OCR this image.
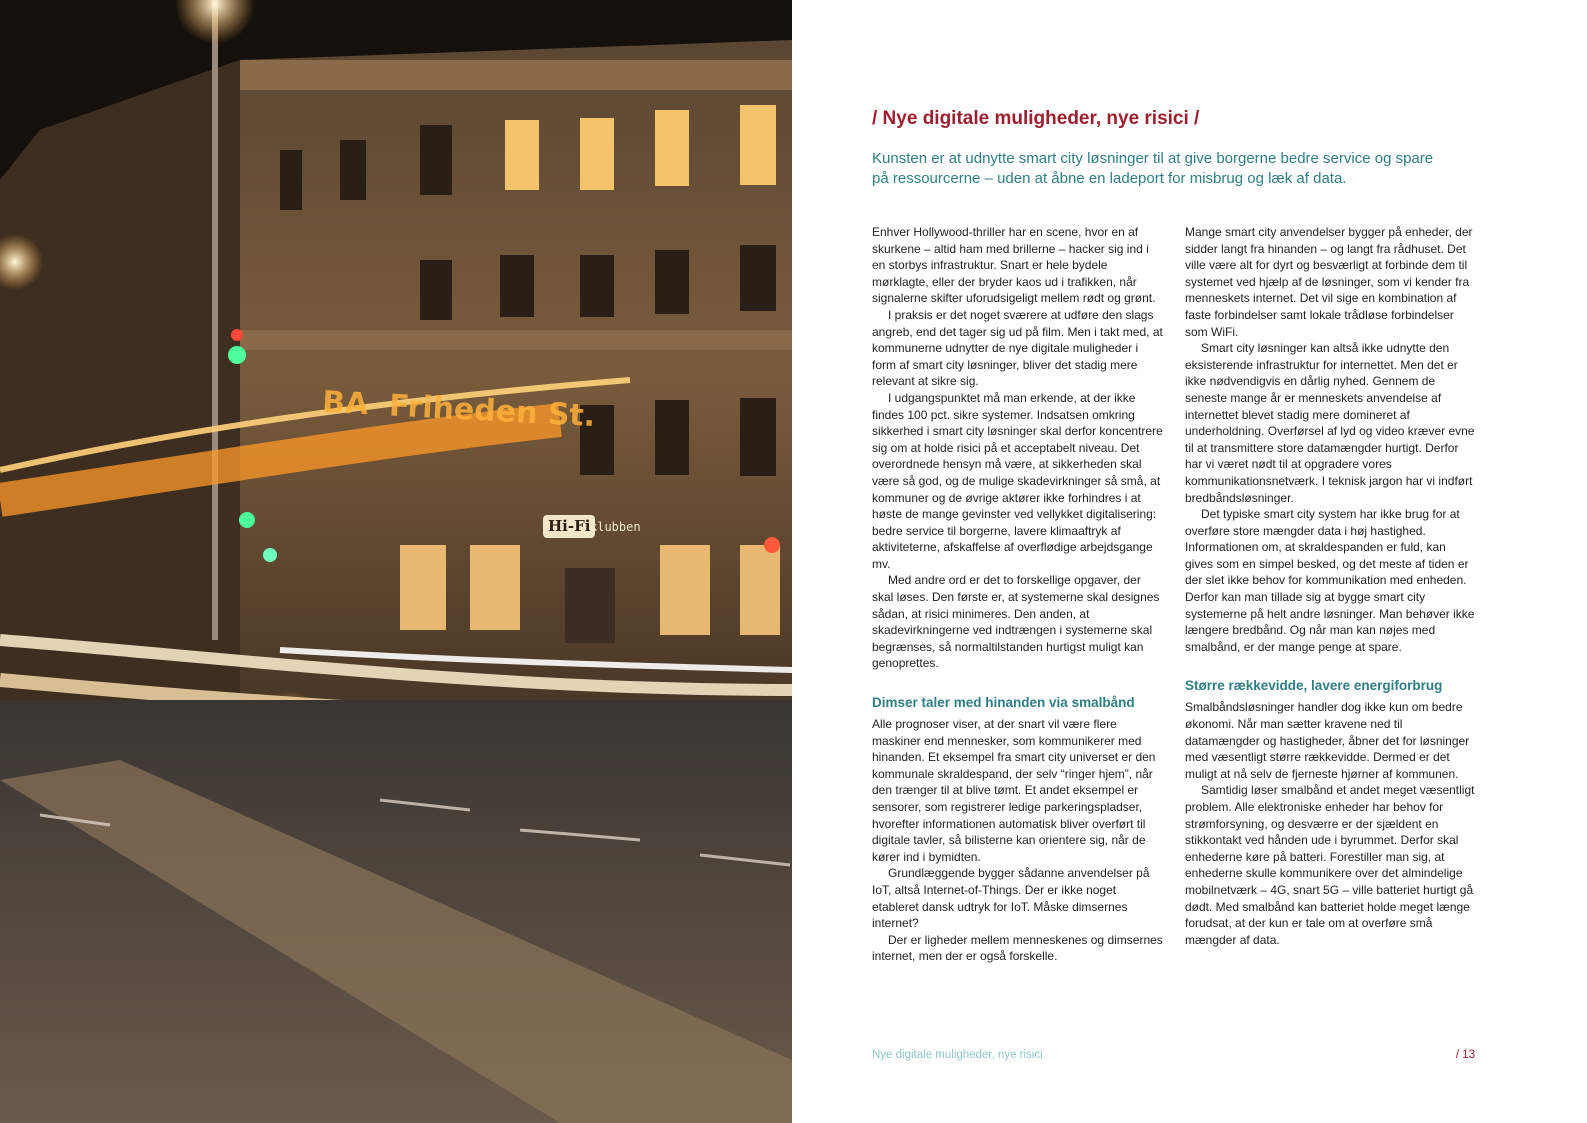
BA  Friheden St.
Hi-Fi klubben
/ Nye digitale muligheder, nye risici /
Kunsten er at udnytte smart city løsninger til at give borgerne bedre service og spare på ressourcerne – uden at åbne en ladeport for misbrug og læk af data.

Enhver Hollywood-thriller har en scene, hvor en af skurkene – altid ham med brillerne – hacker sig ind i en storbys infrastruktur. Snart er hele bydele mørklagte, eller der bryder kaos ud i trafikken, når signalerne skifter uforudsigeligt mellem rødt og grønt.

I praksis er det noget sværere at udføre den slags angreb, end det tager sig ud på film. Men i takt med, at kommunerne udnytter de nye digitale muligheder i form af smart city løsninger, bliver det stadig mere relevant at sikre sig.

I udgangspunktet må man erkende, at der ikke findes 100 pct. sikre systemer. Indsatsen omkring sikkerhed i smart city løsninger skal derfor koncentrere sig om at holde risici på et acceptabelt niveau. Det overordnede hensyn må være, at sikkerheden skal være så god, og de mulige skadevirkninger så små, at kommuner og de øvrige aktører ikke forhindres i at høste de mange gevinster ved vellykket digitalisering: bedre service til borgerne, lavere klimaaftryk af aktiviteterne, afskaffelse af overflødige arbejdsgange mv.

Med andre ord er det to forskellige opgaver, der skal løses. Den første er, at systemerne skal designes sådan, at risici minimeres. Den anden, at skadevirkningerne ved indtrængen i systemerne skal begrænses, så normaltilstanden hurtigst muligt kan genoprettes.

Dimser taler med hinanden via smalbånd

Alle prognoser viser, at der snart vil være flere maskiner end mennesker, som kommunikerer med hinanden. Et eksempel fra smart city universet er den kommunale skraldespand, der selv “ringer hjem”, når den trænger til at blive tømt. Et andet eksempel er sensorer, som registrerer ledige parkeringspladser, hvorefter informationen automatisk bliver overført til digitale tavler, så bilisterne kan orientere sig, når de kører ind i bymidten.

Grundlæggende bygger sådanne anvendelser på IoT, altså Internet-of-Things. Der er ikke noget etableret dansk udtryk for IoT. Måske dimsernes internet?

Der er ligheder mellem menneskenes og dimsernes internet, men der er også forskelle.

Mange smart city anvendelser bygger på enheder, der sidder langt fra hinanden – og langt fra rådhuset. Det ville være alt for dyrt og besværligt at forbinde dem til systemet ved hjælp af de løsninger, som vi kender fra menneskets internet. Det vil sige en kombination af faste forbindelser samt lokale trådløse forbindelser som WiFi.

Smart city løsninger kan altså ikke udnytte den eksisterende infrastruktur for internettet. Men det er ikke nødvendigvis en dårlig nyhed. Gennem de seneste mange år er menneskets anvendelse af internettet blevet stadig mere domineret af underholdning. Overførsel af lyd og video kræver evne til at transmittere store datamængder hurtigt. Derfor har vi været nødt til at opgradere vores kommunikationsnetværk. I teknisk jargon har vi indført bredbåndsløsninger.

Det typiske smart city system har ikke brug for at overføre store mængder data i høj hastighed. Informationen om, at skraldespanden er fuld, kan gives som en simpel besked, og det meste af tiden er der slet ikke behov for kommunikation med enheden. Derfor kan man tillade sig at bygge smart city systemerne på helt andre løsninger. Man behøver ikke længere bredbånd. Og når man kan nøjes med smalbånd, er der mange penge at spare.

Større rækkevidde, lavere energiforbrug

Smalbåndsløsninger handler dog ikke kun om bedre økonomi. Når man sætter kravene ned til datamængder og hastigheder, åbner det for løsninger med væsentligt større rækkevidde. Dermed er det muligt at nå selv de fjerneste hjørner af kommunen.

Samtidig løser smalbånd et andet meget væsentligt problem. Alle elektroniske enheder har behov for strømforsyning, og desværre er der sjældent en stikkontakt ved hånden ude i byrummet. Derfor skal enhederne køre på batteri. Forestiller man sig, at enhederne skulle kommunikere over det almindelige mobilnetværk – 4G, snart 5G – ville batteriet hurtigt gå dødt. Med smalbånd kan batteriet holde meget længe forudsat, at der kun er tale om at overføre små mængder af data.

Nye digitale muligheder, nye risici	/ 13
